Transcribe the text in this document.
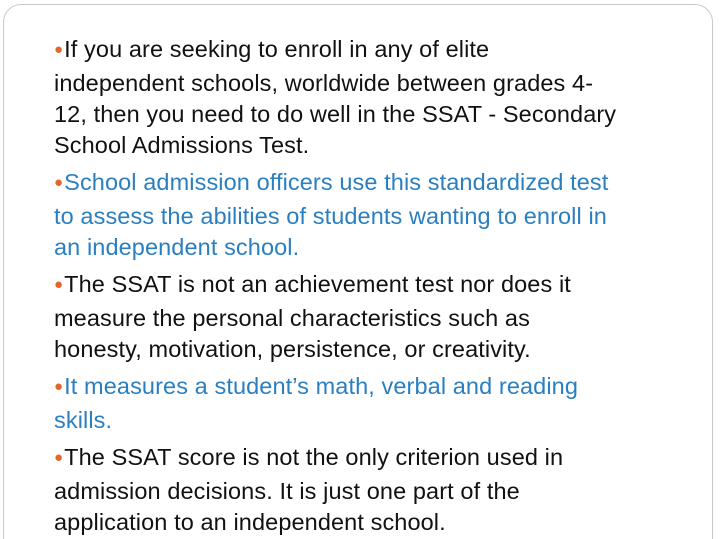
●If you are seeking to enroll in any of elite
independent schools, worldwide between grades 4-
12, then you need to do well in the SSAT - Secondary
School Admissions Test.
●School admission officers use this standardized test
to assess the abilities of students wanting to enroll in
an independent school.
●The SSAT is not an achievement test nor does it
measure the personal characteristics such as
honesty, motivation, persistence, or creativity.
●It measures a student’s math, verbal and reading
skills.
●The SSAT score is not the only criterion used in
admission decisions. It is just one part of the
application to an independent school.
